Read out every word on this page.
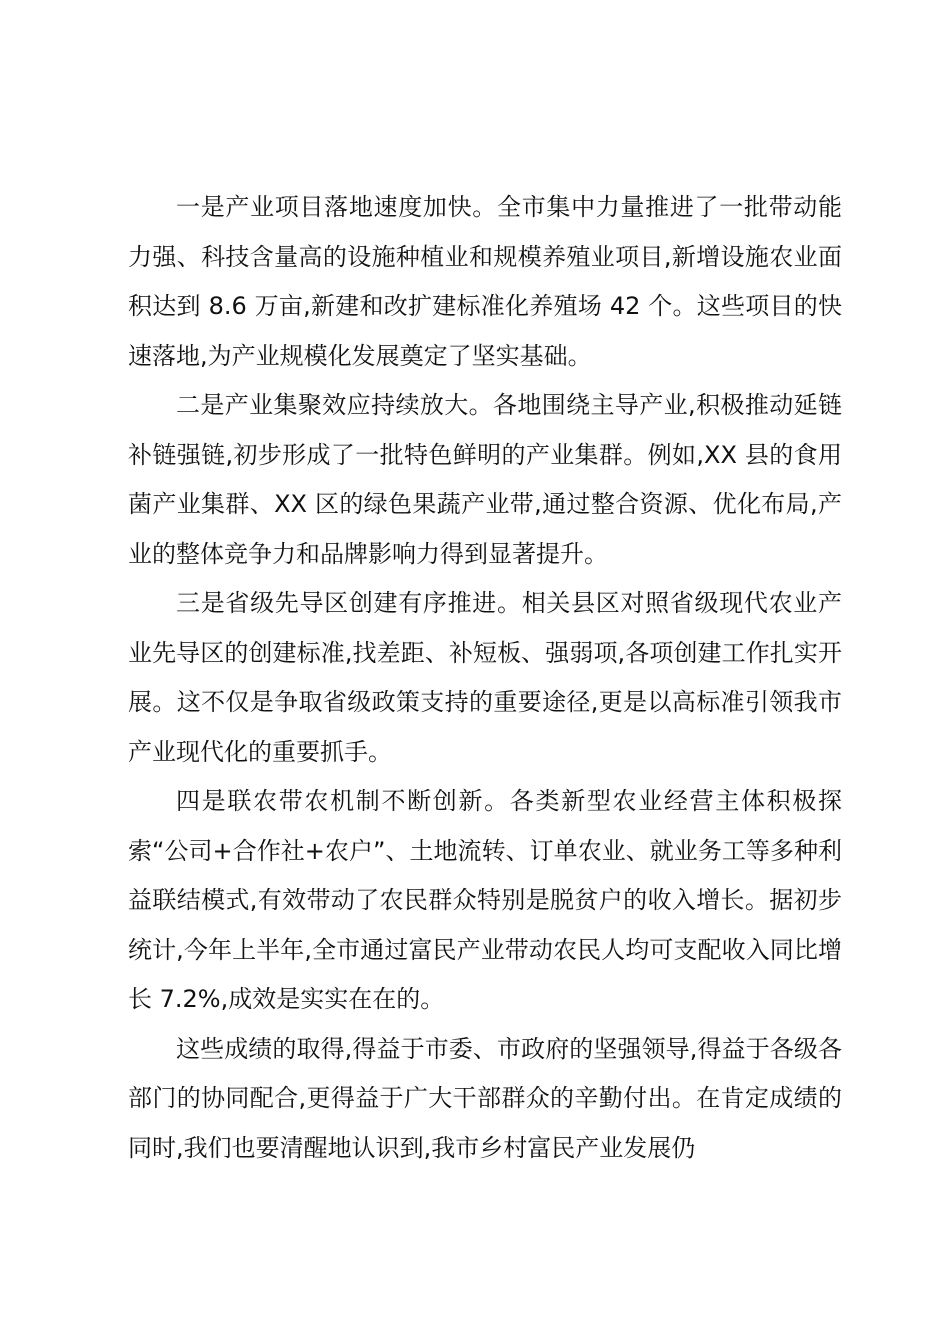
一是产业项目落地速度加快。全市集中力量推进了一批带动能力强、科技含量高的设施种植业和规模养殖业项目,新增设施农业面积达到 8.6 万亩,新建和改扩建标准化养殖场 42 个。这些项目的快速落地,为产业规模化发展奠定了坚实基础。

二是产业集聚效应持续放大。各地围绕主导产业,积极推动延链补链强链,初步形成了一批特色鲜明的产业集群。例如,XX 县的食用菌产业集群、XX 区的绿色果蔬产业带,通过整合资源、优化布局,产业的整体竞争力和品牌影响力得到显著提升。

三是省级先导区创建有序推进。相关县区对照省级现代农业产业先导区的创建标准,找差距、补短板、强弱项,各项创建工作扎实开展。这不仅是争取省级政策支持的重要途径,更是以高标准引领我市产业现代化的重要抓手。

四是联农带农机制不断创新。各类新型农业经营主体积极探索“公司+合作社+农户”、土地流转、订单农业、就业务工等多种利益联结模式,有效带动了农民群众特别是脱贫户的收入增长。据初步统计,今年上半年,全市通过富民产业带动农民人均可支配收入同比增长 7.2%,成效是实实在在的。

这些成绩的取得,得益于市委、市政府的坚强领导,得益于各级各部门的协同配合,更得益于广大干部群众的辛勤付出。在肯定成绩的同时,我们也要清醒地认识到,我市乡村富民产业发展仍
